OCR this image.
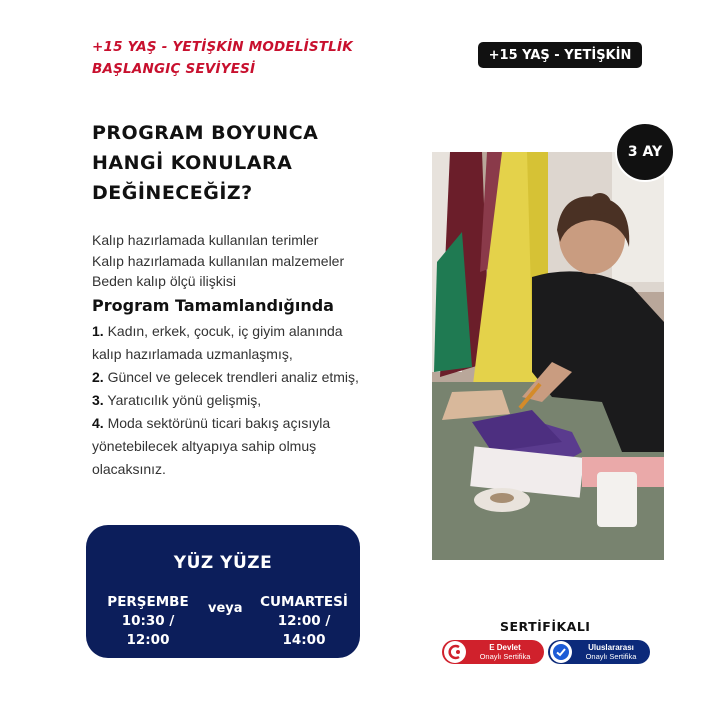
+15 YAŞ - YETİŞKİN MODELİSTLİK
BAŞLANGIÇ SEVİYESİ
+15 YAŞ - YETİŞKİN
PROGRAM BOYUNCA
HANGİ KONULARA
DEĞİNECEĞİZ?
Kalıp hazırlamada kullanılan terimler
Kalıp hazırlamada kullanılan malzemeler
Beden kalıp ölçü ilişkisi
Program Tamamlandığında
1. Kadın, erkek, çocuk, iç giyim alanında
kalıp hazırlamada uzmanlaşmış,
2. Güncel ve gelecek trendleri analiz etmiş,
3. Yaratıcılık yönü gelişmiş,
4. Moda sektörünü ticari bakış açısıyla
yönetebilecek altyapıya sahip olmuş
olacaksınız.
3 AY
YÜZ YÜZE
PERŞEMBE
10:30 / 12:00
veya	CUMARTESİ
12:00 / 14:00
SERTİFİKALI
E Devlet
Onaylı Sertifika
Uluslararası
Onaylı Sertifika
